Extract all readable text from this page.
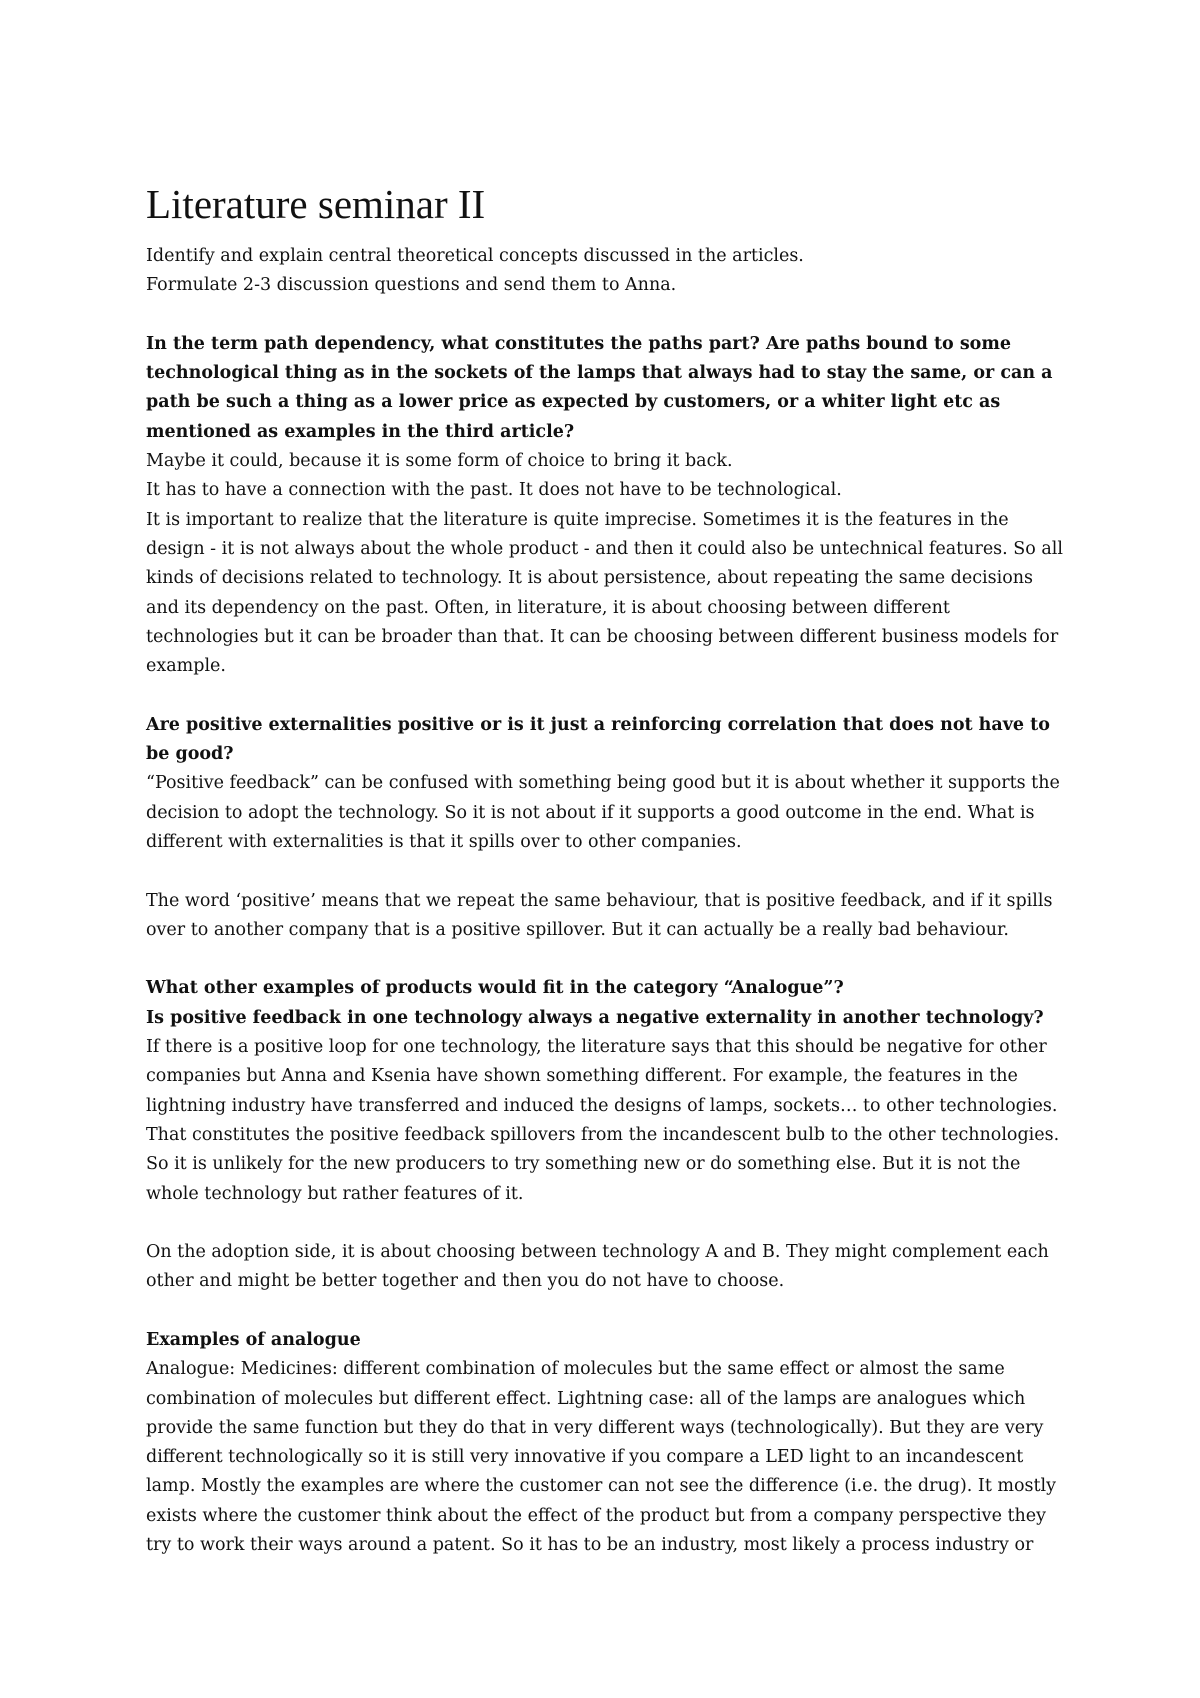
Literature seminar II

Identify and explain central theoretical concepts discussed in the articles.

Formulate 2-3 discussion questions and send them to Anna.

In the term path dependency, what constitutes the paths part? Are paths bound to some technological thing as in the sockets of the lamps that always had to stay the same, or can a path be such a thing as a lower price as expected by customers, or a whiter light etc as mentioned as examples in the third article?

Maybe it could, because it is some form of choice to bring it back.

It has to have a connection with the past. It does not have to be technological.

It is important to realize that the literature is quite imprecise. Sometimes it is the features in the design - it is not always about the whole product - and then it could also be untechnical features. So all kinds of decisions related to technology. It is about persistence, about repeating the same decisions and its dependency on the past. Often, in literature, it is about choosing between different technologies but it can be broader than that. It can be choosing between different business models for example.

Are positive externalities positive or is it just a reinforcing correlation that does not have to be good?

“Positive feedback” can be confused with something being good but it is about whether it supports the decision to adopt the technology. So it is not about if it supports a good outcome in the end. What is different with externalities is that it spills over to other companies.

The word ‘positive’ means that we repeat the same behaviour, that is positive feedback, and if it spills over to another company that is a positive spillover. But it can actually be a really bad behaviour.

What other examples of products would fit in the category “Analogue”?

Is positive feedback in one technology always a negative externality in another technology?

If there is a positive loop for one technology, the literature says that this should be negative for other companies but Anna and Ksenia have shown something different. For example, the features in the lightning industry have transferred and induced the designs of lamps, sockets… to other technologies. That constitutes the positive feedback spillovers from the incandescent bulb to the other technologies. So it is unlikely for the new producers to try something new or do something else. But it is not the whole technology but rather features of it.

On the adoption side, it is about choosing between technology A and B. They might complement each other and might be better together and then you do not have to choose.

Examples of analogue

Analogue: Medicines: different combination of molecules but the same effect or almost the same combination of molecules but different effect. Lightning case: all of the lamps are analogues which provide the same function but they do that in very different ways (technologically). But they are very different technologically so it is still very innovative if you compare a LED light to an incandescent lamp. Mostly the examples are where the customer can not see the difference (i.e. the drug). It mostly exists where the customer think about the effect of the product but from a company perspective they try to work their ways around a patent. So it has to be an industry, most likely a process industry or
